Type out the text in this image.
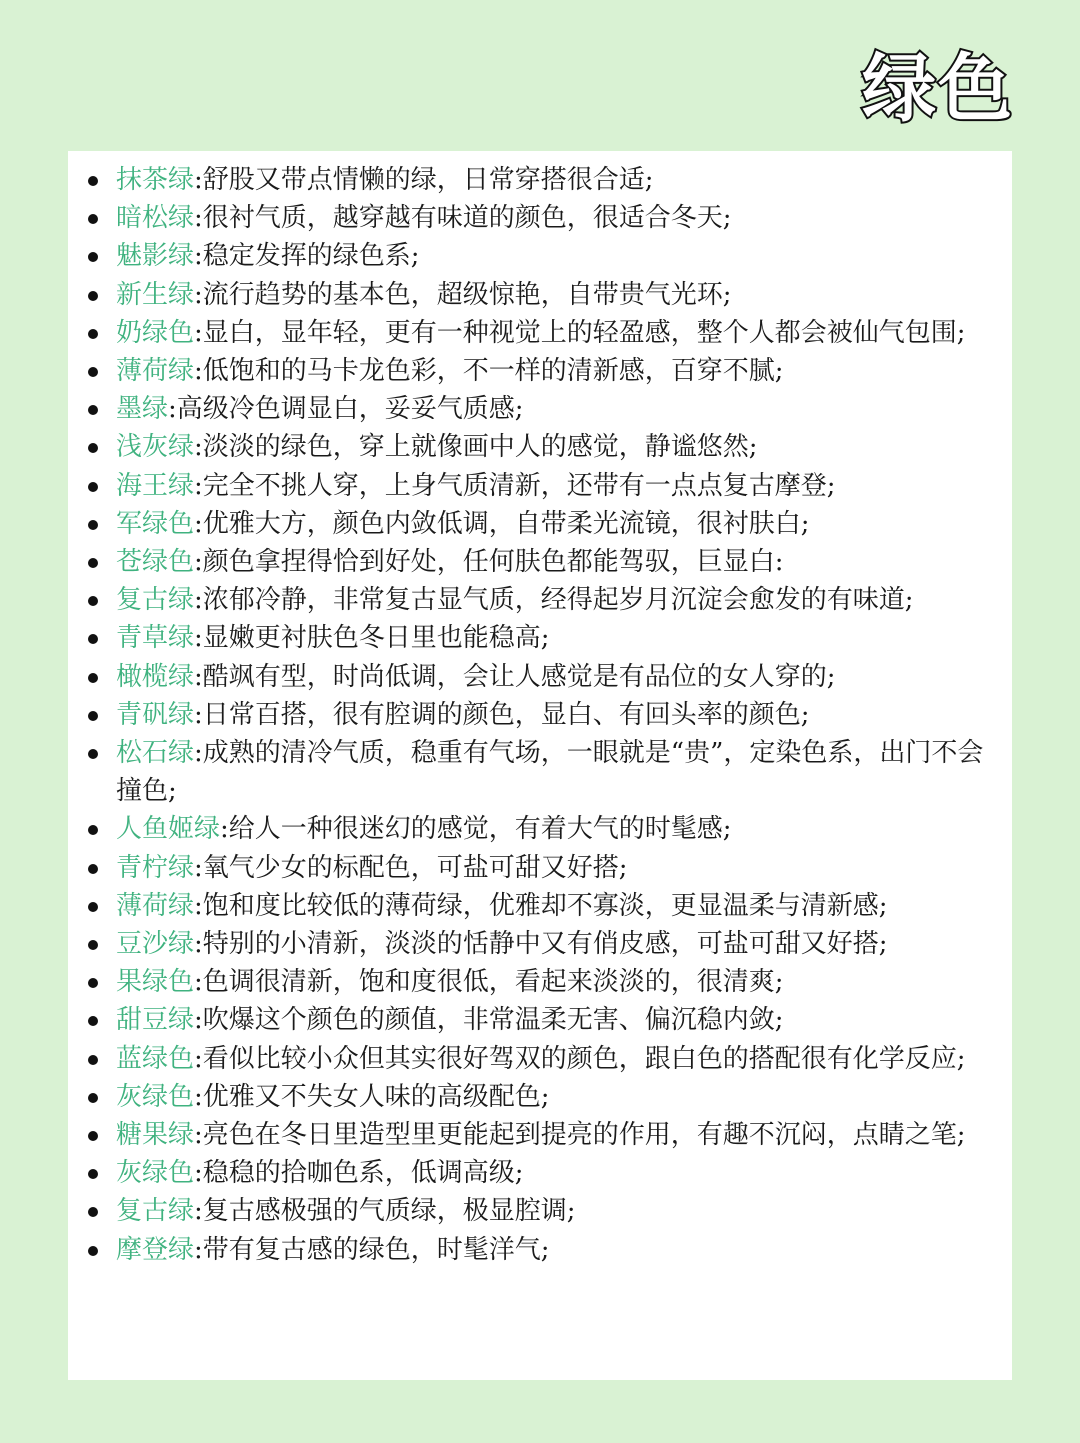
绿色
抹茶绿:舒股又带点情懒的绿，日常穿搭很合适;
暗松绿:很衬气质，越穿越有味道的颜色，很适合冬天;
魅影绿:稳定发挥的绿色系;
新生绿:流行趋势的基本色，超级惊艳，自带贵气光环;
奶绿色:显白，显年轻，更有一种视觉上的轻盈感，整个人都会被仙气包围;
薄荷绿:低饱和的马卡龙色彩，不一样的清新感，百穿不腻;
墨绿:高级冷色调显白，妥妥气质感;
浅灰绿:淡淡的绿色，穿上就像画中人的感觉，静谧悠然;
海王绿:完全不挑人穿，上身气质清新，还带有一点点复古摩登;
军绿色:优雅大方，颜色内敛低调，自带柔光流镜，很衬肤白;
苍绿色:颜色拿捏得恰到好处，任何肤色都能驾驭，巨显白:
复古绿:浓郁冷静，非常复古显气质，经得起岁月沉淀会愈发的有味道;
青草绿:显嫩更衬肤色冬日里也能稳高;
橄榄绿:酷飒有型，时尚低调，会让人感觉是有品位的女人穿的;
青矾绿:日常百搭，很有腔调的颜色，显白、有回头率的颜色;
松石绿:成熟的清冷气质，稳重有气场，一眼就是“贵”，定染色系，出门不会撞色;
人鱼姬绿:给人一种很迷幻的感觉，有着大气的时髦感;
青柠绿:氧气少女的标配色，可盐可甜又好搭;
薄荷绿:饱和度比较低的薄荷绿，优雅却不寡淡，更显温柔与清新感;
豆沙绿:特别的小清新，淡淡的恬静中又有俏皮感，可盐可甜又好搭;
果绿色:色调很清新，饱和度很低，看起来淡淡的，很清爽;
甜豆绿:吹爆这个颜色的颜值，非常温柔无害、偏沉稳内敛;
蓝绿色:看似比较小众但其实很好驾双的颜色，跟白色的搭配很有化学反应;
灰绿色:优雅又不失女人味的高级配色;
糖果绿:亮色在冬日里造型里更能起到提亮的作用，有趣不沉闷，点睛之笔;
灰绿色:稳稳的拾咖色系，低调高级;
复古绿:复古感极强的气质绿，极显腔调;
摩登绿:带有复古感的绿色，时髦洋气;
